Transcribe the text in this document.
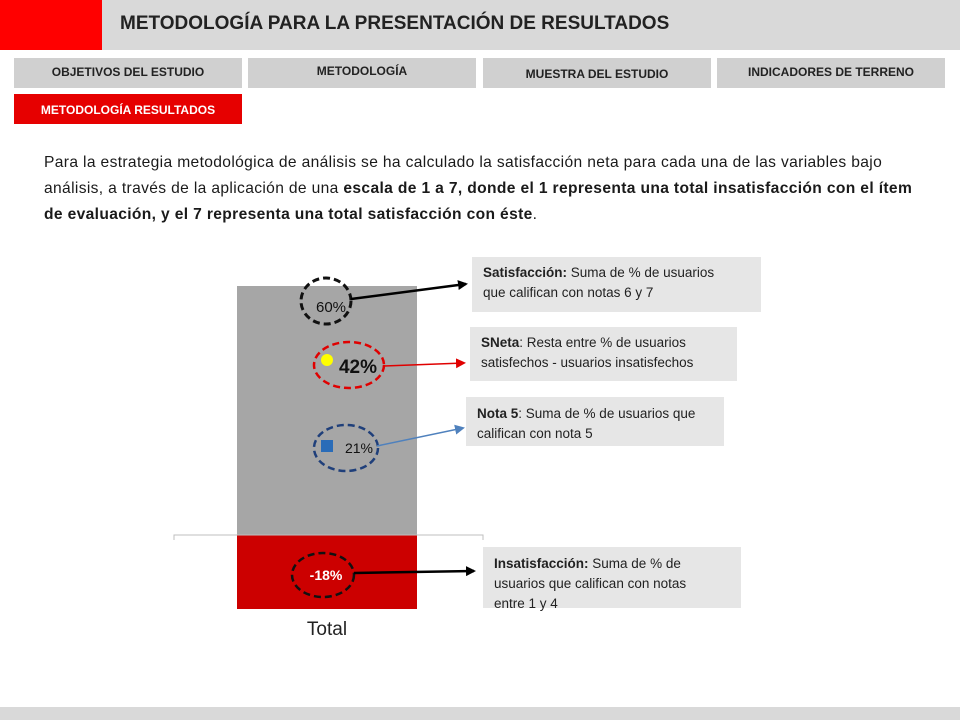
METODOLOGÍA PARA LA PRESENTACIÓN DE RESULTADOS
OBJETIVOS DEL ESTUDIO	METODOLOGÍA	MUESTRA DEL ESTUDIO	INDICADORES DE TERRENO
METODOLOGÍA RESULTADOS
Para la estrategia metodológica de análisis se ha calculado la satisfacción neta para cada una de las variables bajo análisis, a través de la aplicación de una escala de 1 a 7, donde el 1 representa una total insatisfacción con el ítem de evaluación, y el 7 representa una total satisfacción con éste.
Total
60%
42%
21%
-18%
Satisfacción: Suma de % de usuarios
que califican con notas 6 y 7
SNeta: Resta entre % de usuarios
satisfechos - usuarios insatisfechos
Nota 5: Suma de % de usuarios que
califican con nota 5
Insatisfacción: Suma de % de
usuarios que califican con notas
entre 1 y 4
